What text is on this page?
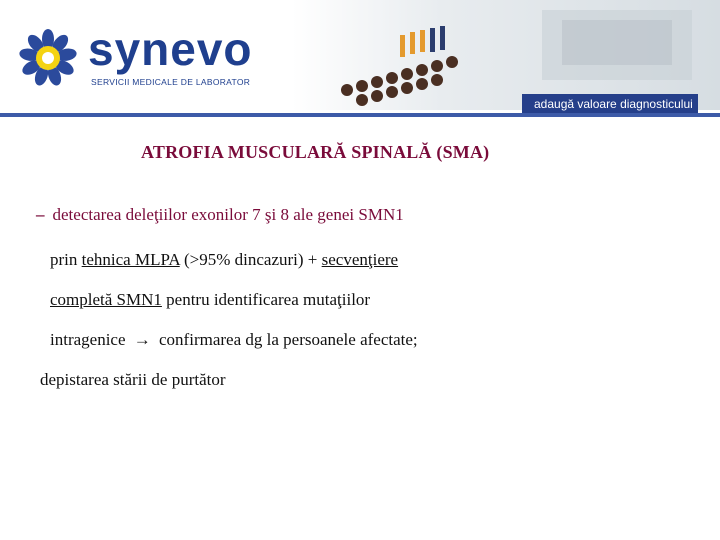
synevo
SERVICII MEDICALE DE LABORATOR
adaugă valoare diagnosticului
ATROFIA MUSCULARĂ SPINALĂ (SMA)
– detectarea deleţiilor exonilor 7 şi 8 ale genei SMN1
prin tehnica MLPA (>95% dincazuri) + secvenţiere
completă SMN1 pentru identificarea mutaţiilor
intragenice → confirmarea dg la persoanele afectate;
depistarea stării de purtător
